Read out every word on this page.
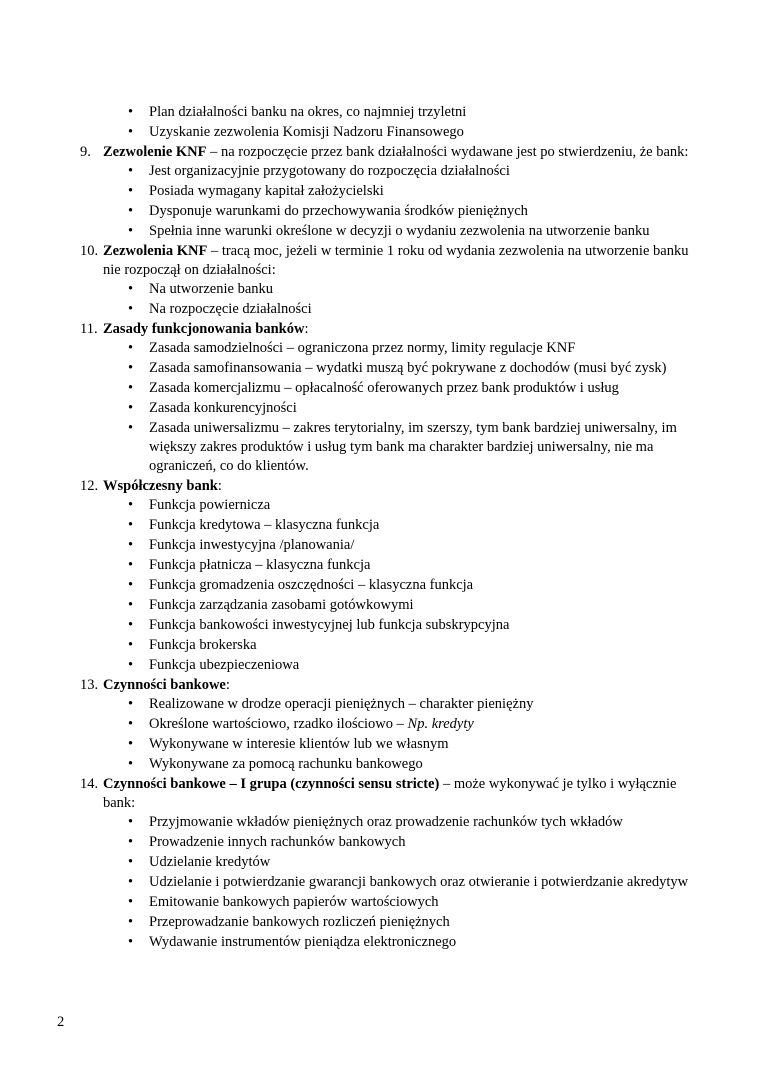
• Plan działalności banku na okres, co najmniej trzyletni
• Uzyskanie zezwolenia Komisji Nadzoru Finansowego
9. Zezwolenie KNF – na rozpoczęcie przez bank działalności wydawane jest po stwierdzeniu, że bank:
• Jest organizacyjnie przygotowany do rozpoczęcia działalności
• Posiada wymagany kapitał założycielski
• Dysponuje warunkami do przechowywania środków pieniężnych
• Spełnia inne warunki określone w decyzji o wydaniu zezwolenia na utworzenie banku
10. Zezwolenia KNF – tracą moc, jeżeli w terminie 1 roku od wydania zezwolenia na utworzenie banku nie rozpoczął on działalności:
• Na utworzenie banku
• Na rozpoczęcie działalności
11. Zasady funkcjonowania banków:
• Zasada samodzielności – ograniczona przez normy, limity regulacje KNF
• Zasada samofinansowania – wydatki muszą być pokrywane z dochodów (musi być zysk)
• Zasada komercjalizmu – opłacalność oferowanych przez bank produktów i usług
• Zasada konkurencyjności
• Zasada uniwersalizmu – zakres terytorialny, im szerszy, tym bank bardziej uniwersalny, im większy zakres produktów i usług tym bank ma charakter bardziej uniwersalny, nie ma ograniczeń, co do klientów.
12. Współczesny bank:
• Funkcja powiernicza
• Funkcja kredytowa – klasyczna funkcja
• Funkcja inwestycyjna /planowania/
• Funkcja płatnicza – klasyczna funkcja
• Funkcja gromadzenia oszczędności – klasyczna funkcja
• Funkcja zarządzania zasobami gotówkowymi
• Funkcja bankowości inwestycyjnej lub funkcja subskrypcyjna
• Funkcja brokerska
• Funkcja ubezpieczeniowa
13. Czynności bankowe:
• Realizowane w drodze operacji pieniężnych – charakter pieniężny
• Określone wartościowo, rzadko ilościowo – Np. kredyty
• Wykonywane w interesie klientów lub we własnym
• Wykonywane za pomocą rachunku bankowego
14. Czynności bankowe – I grupa (czynności sensu stricte) – może wykonywać je tylko i wyłącznie bank:
• Przyjmowanie wkładów pieniężnych oraz prowadzenie rachunków tych wkładów
• Prowadzenie innych rachunków bankowych
• Udzielanie kredytów
• Udzielanie i potwierdzanie gwarancji bankowych oraz otwieranie i potwierdzanie akredytyw
• Emitowanie bankowych papierów wartościowych
• Przeprowadzanie bankowych rozliczeń pieniężnych
• Wydawanie instrumentów pieniądza elektronicznego
2
